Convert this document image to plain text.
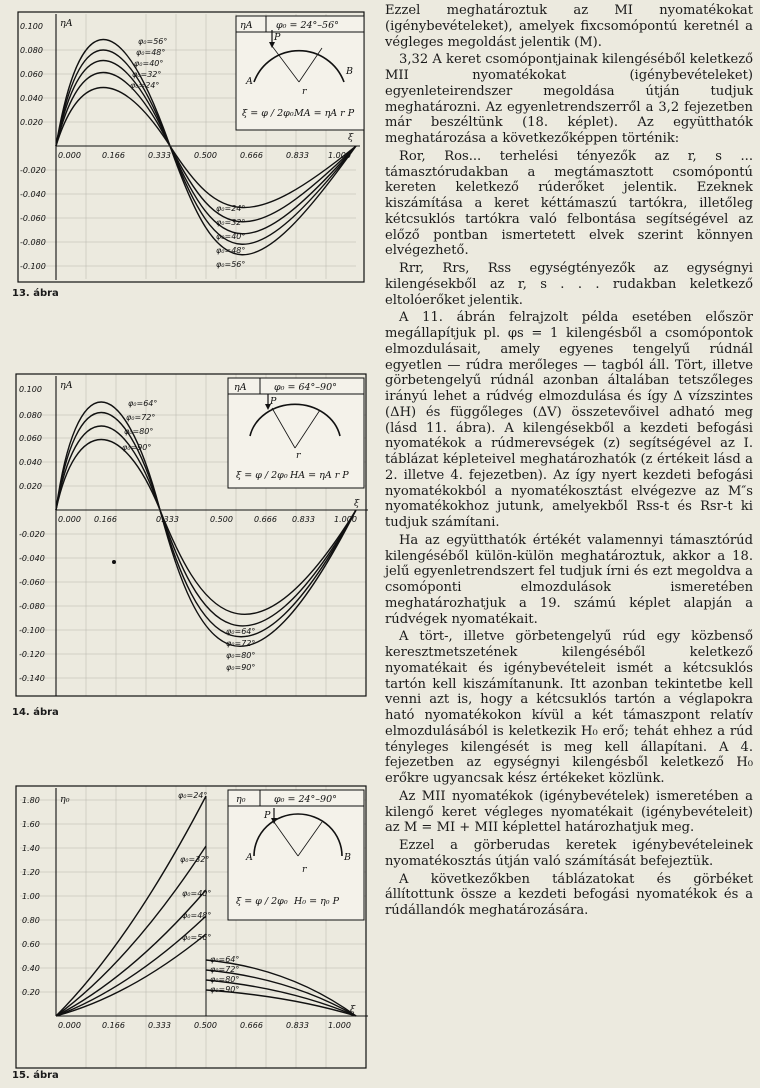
ηA
ξ
0.100
0.080
0.060
0.040
0.020
-0.020
-0.040
-0.060
-0.080
-0.100
0.000	0.166	0.333	0.500	0.666	0.833 1.000
φ₀=56°
φ₀=48°
φ₀=40°
φ₀=32°
φ₀=24°
φ₀=24°
φ₀=32°
φ₀=40°
φ₀=48°
φ₀=56°
ηA φ₀ = 24°–56°
P
A
B
r
ξ = φ / 2φ₀ MA = ηA r P
13. ábra
ηA
ξ
0.100
0.080
0.060
0.040
0.020
-0.020
-0.040
-0.060
-0.080
-0.100
-0.120
-0.140
0.000 0.166	0.333	0.500	0.666 0.833 1.000
φ₀=64°
φ₀=72°
φ₀=80°
φ₀=90°
φ₀=64°
φ₀=72°
φ₀=80°
φ₀=90°
ηA	φ₀ = 64°–90°
P
r
ξ = φ / 2φ₀ HA = ηA r P
14. ábra
η₀
ξ
1.80
1.60
1.40
1.20
1.00
0.80
0.60
0.40
0.20
0.000	0.166	0.333	0.500	0.666	0.833 1.000
φ₀=24°
φ₀=32°
φ₀=40°
φ₀=48°
φ₀=56°
φ₀=64°
φ₀=72°
φ₀=80°
φ₀=90°
η₀	φ₀ = 24°–90°
P
A	B
r
ξ = φ / 2φ₀ H₀ = η₀ P
15. ábra

Ezzel meghatároztuk az MI nyomatékokat (igénybevételeket), amelyek fixcsomópontú keretnél a végleges megoldást jelentik (M).

3,32 A keret csomópontjainak kilengéséből keletkező MII nyomatékokat (igénybevételeket) egyenleteirendszer megoldása útján tudjuk meghatározni. Az egyenletrendszerről a 3,2 fejezetben már beszéltünk (18. képlet). Az együtthatók meghatározása a következőképpen történik:

Ror, Ros... terhelési tényezők az r, s ... támasztórudakban a megtámasztott csomópontú kereten keletkező rúderőket jelentik. Ezeknek kiszámítása a keret kéttámaszú tartókra, illetőleg kétcsuklós tartókra való felbontása segítségével az előző pontban ismertetett elvek szerint könnyen elvégezhető.

Rrr, Rrs, Rss egységtényezők az egységnyi kilengésekből az r, s . . . rudakban keletkező eltolóerőket jelentik.

A 11. ábrán felrajzolt példa esetében először megállapítjuk pl. φs = 1 kilengésből a csomópontok elmozdulásait, amely egyenes tengelyű rúdnál egyetlen — rúdra merőleges — tagból áll. Tört, illetve görbetengelyű rúdnál azonban általában tetszőleges irányú lehet a rúdvég elmozdulása és így Δ vízszintes (ΔH) és függőleges (ΔV) összetevőivel adható meg (lásd 11. ábra). A kilengésekből a kezdeti befogási nyomatékok a rúdmerevségek (z) segítségével az I. táblázat képleteivel meghatározhatók (z értékeit lásd a 2. illetve 4. fejezetben). Az így nyert kezdeti befogási nyomatékokból a nyomatékosztást elvégezve az M″s nyomatékokhoz jutunk, amelyekből Rss-t és Rsr-t ki tudjuk számítani.

Ha az együtthatók értékét valamennyi támasztórúd kilengéséből külön-külön meghatároztuk, akkor a 18. jelű egyenletrendszert fel tudjuk írni és ezt megoldva a csomóponti elmozdulások ismeretében meghatározhatjuk a 19. számú képlet alapján a rúdvégek nyomatékait.

A tört-, illetve görbetengelyű rúd egy közbenső keresztmetszetének kilengéséből keletkező nyomatékait és igénybevételeit ismét a kétcsuklós tartón kell kiszámítanunk. Itt azonban tekintetbe kell venni azt is, hogy a kétcsuklós tartón a véglapokra ható nyomatékokon kívül a két támaszpont relatív elmozdulásából is keletkezik H₀ erő; tehát ehhez a rúd tényleges kilengését is meg kell állapítani. A 4. fejezetben az egységnyi kilengésből keletkező H₀ erőkre ugyancsak kész értékeket közlünk.

Az MII nyomatékok (igénybevételek) ismeretében a kilengő keret végleges nyomatékait (igénybevételeit) az M = MI + MII képlettel határozhatjuk meg.

Ezzel a görberudas keretek igénybevételeinek nyomatékosztás útján való számítását befejeztük.

A következőkben táblázatokat és görbéket állítottunk össze a kezdeti befogási nyomatékok és a rúdállandók meghatározására.
